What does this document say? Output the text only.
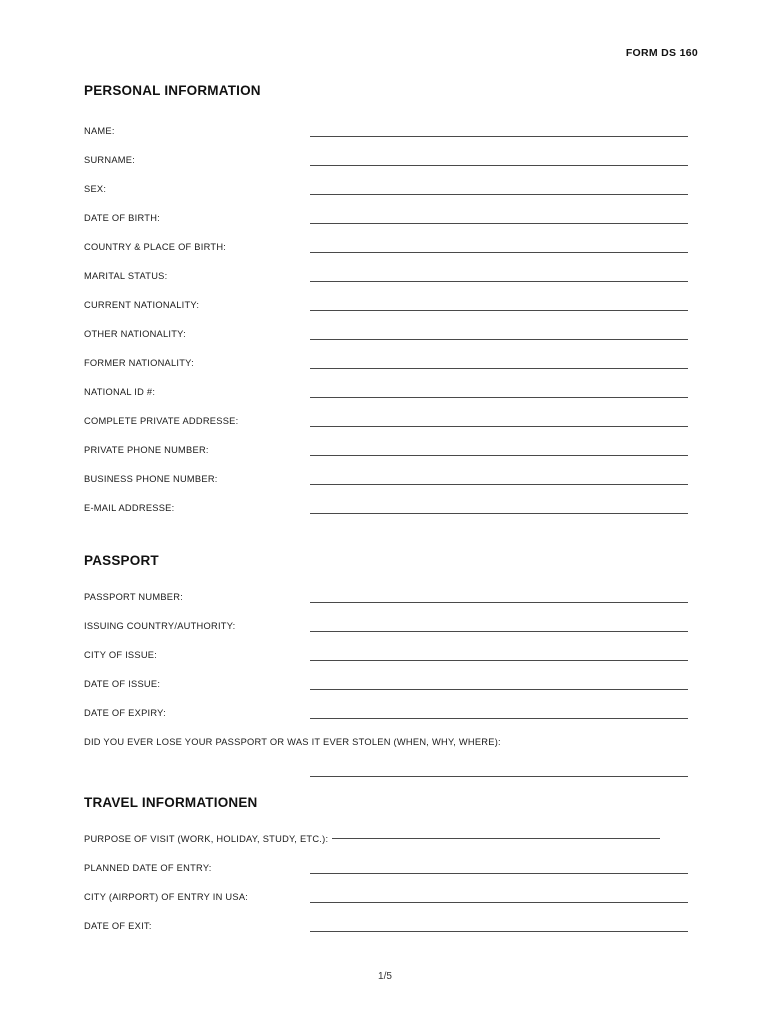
FORM DS 160
PERSONAL INFORMATION
NAME:
SURNAME:
SEX:
DATE OF BIRTH:
COUNTRY & PLACE OF BIRTH:
MARITAL STATUS:
CURRENT NATIONALITY:
OTHER NATIONALITY:
FORMER NATIONALITY:
NATIONAL ID #:
COMPLETE PRIVATE ADDRESSE:
PRIVATE PHONE NUMBER:
BUSINESS PHONE NUMBER:
E-MAIL ADDRESSE:
PASSPORT
PASSPORT NUMBER:
ISSUING COUNTRY/AUTHORITY:
CITY OF ISSUE:
DATE OF ISSUE:
DATE OF EXPIRY:
DID YOU EVER LOSE YOUR PASSPORT OR WAS IT EVER STOLEN (WHEN, WHY, WHERE):
TRAVEL INFORMATIONEN
PURPOSE OF VISIT (WORK, HOLIDAY, STUDY, ETC.):
PLANNED DATE OF ENTRY:
CITY (AIRPORT) OF ENTRY IN USA:
DATE OF EXIT:
1/5
